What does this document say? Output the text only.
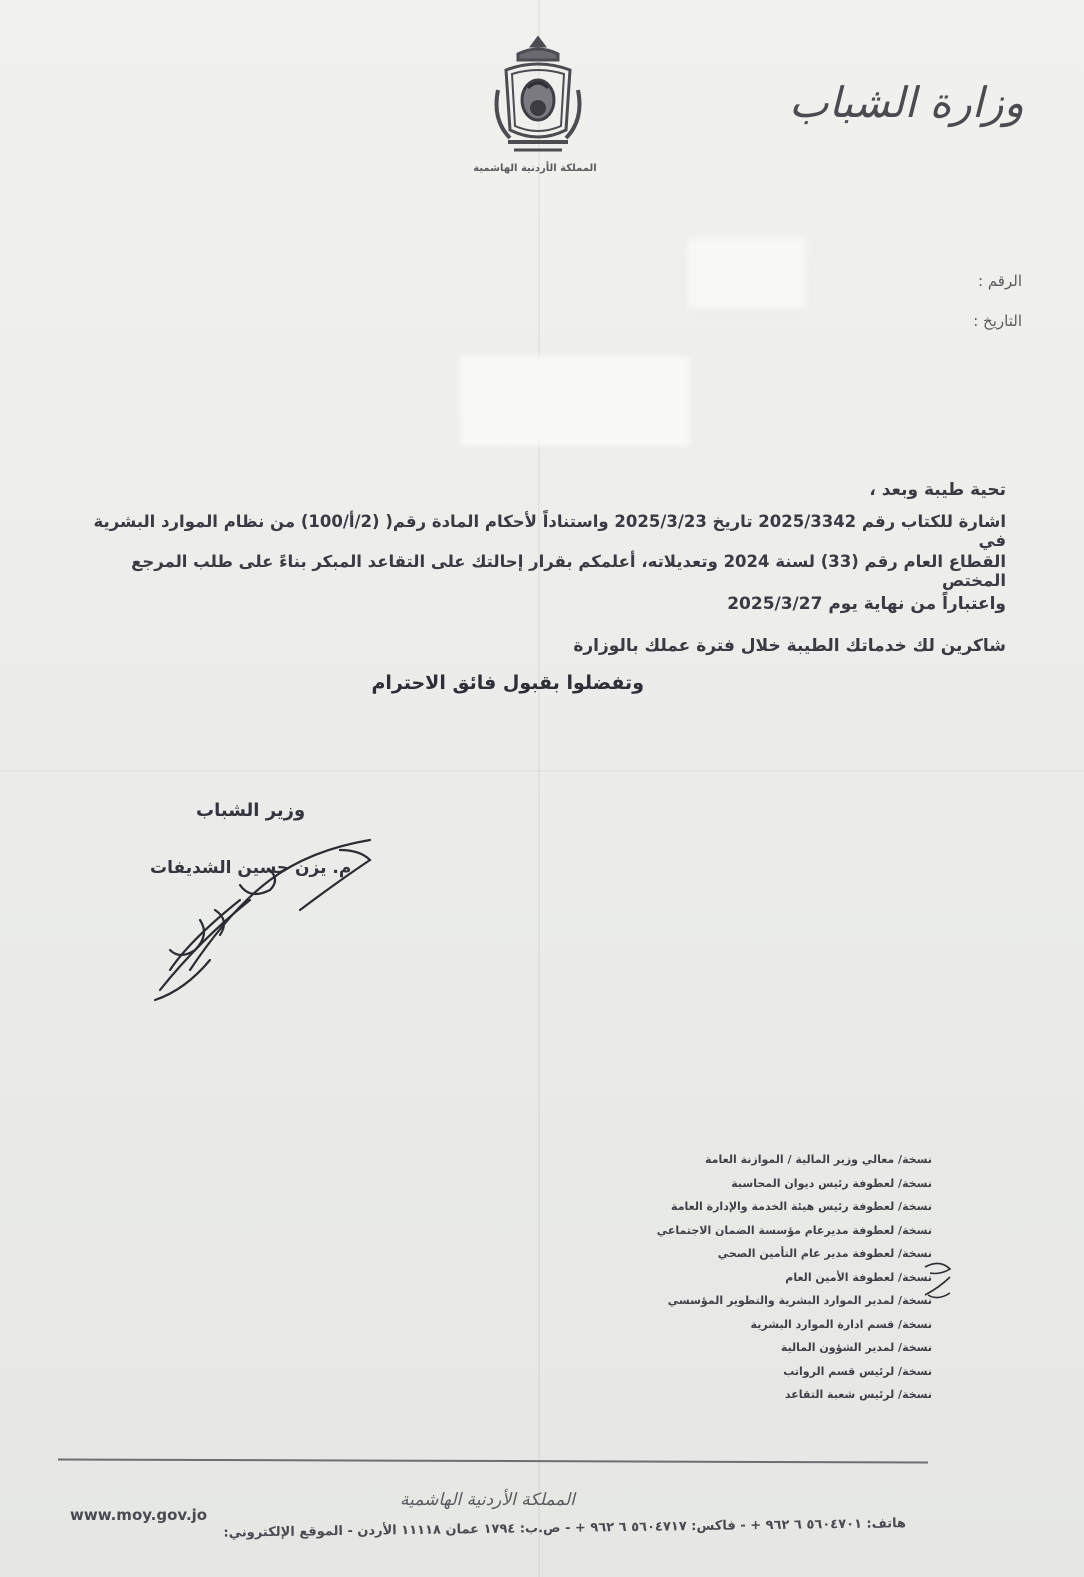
المملكة الأردنية الهاشمية
وزارة الشباب
الرقم :
التاريخ :
تحية طيبة وبعد ،
اشارة للكتاب رقم 2025/3342 تاريخ 2025/3/23 واستناداً لأحكام المادة رقم( (2/أ/100) من نظام الموارد البشرية في
القطاع العام رقم (33) لسنة 2024 وتعديلاته، أعلمكم بقرار إحالتك على التقاعد المبكر بناءً على طلب المرجع المختص
واعتباراً من نهاية يوم 2025/3/27
شاكرين لك خدماتك الطيبة خلال فترة عملك بالوزارة
وتفضلوا بقبول فائق الاحترام
وزير الشباب
م. يزن حسين الشديفات
نسخة/ معالي وزير المالية / الموازنة العامة
نسخة/ لعطوفة رئيس ديوان المحاسبة
نسخة/ لعطوفة رئيس هيئة الخدمة والإدارة العامة
نسخة/ لعطوفة مديرعام مؤسسة الضمان الاجتماعي
نسخة/ لعطوفة مدير عام التأمين الصحي
نسخة/ لعطوفة الأمين العام
نسخة/ لمدير الموارد البشرية والتطوير المؤسسي
نسخة/ قسم ادارة الموارد البشرية
نسخة/ لمدير الشؤون المالية
نسخة/ لرئيس قسم الرواتب
نسخة/ لرئيس شعبة التقاعد
المملكة الأردنية الهاشمية
هاتف: ٥٦٠٤٧٠١ ٦ ٩٦٢ + - فاكس: ٥٦٠٤٧١٧ ٦ ٩٦٢ + - ص.ب: ١٧٩٤ عمان ١١١١٨ الأردن - الموقع الإلكتروني:
www.moy.gov.jo
